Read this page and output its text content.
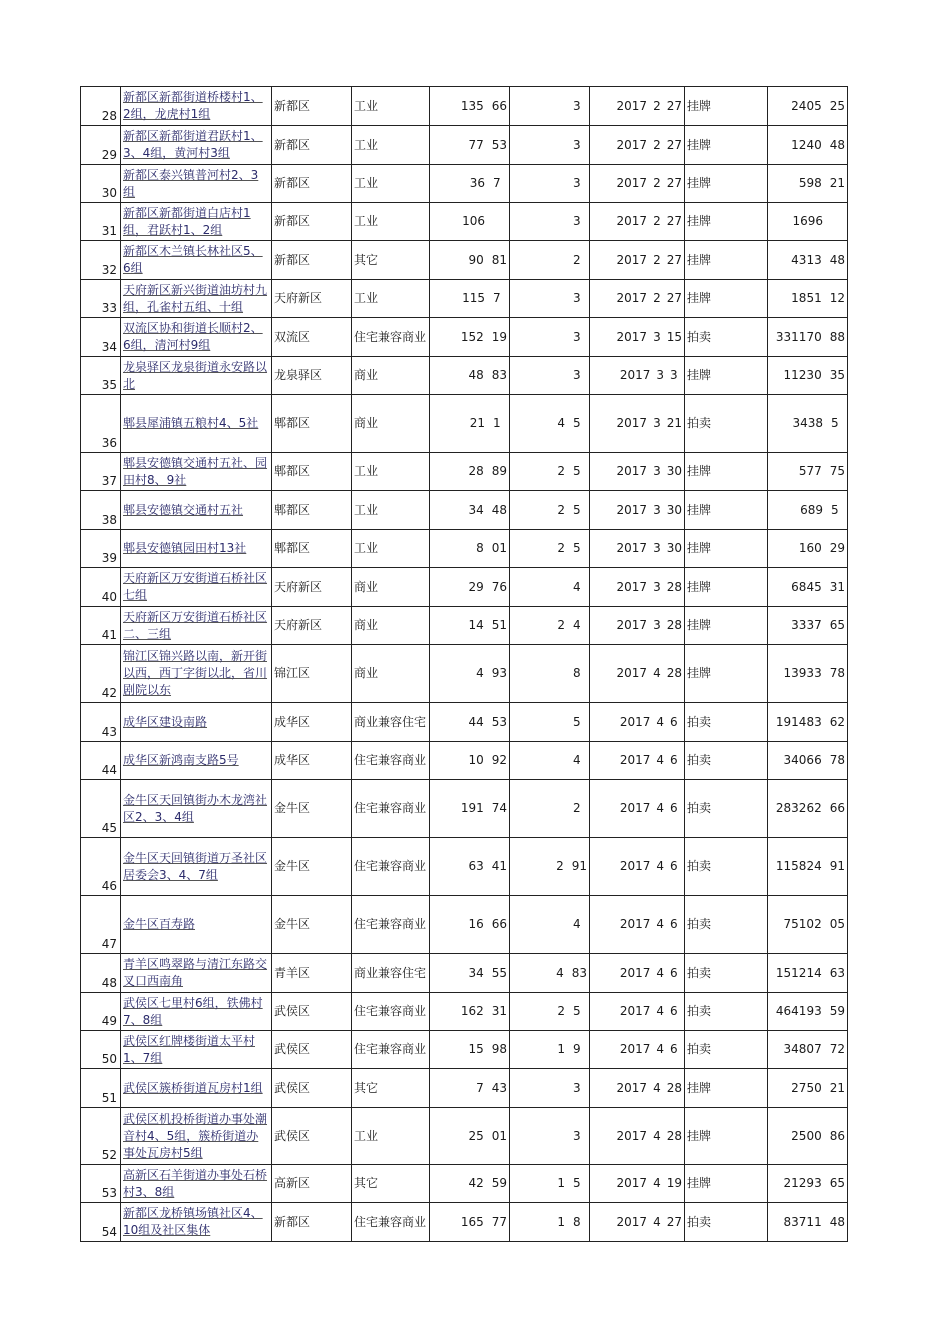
28	新都区新都街道桥楼村1、2组，龙虎村1组	新都区	工业	135 66	3	2017 2 27	挂牌	2405 25

29	新都区新都街道君跃村1、3、4组，黄河村3组	新都区	工业	77 53	3	2017 2 27	挂牌	1240 48

30	新都区泰兴镇普河村2、3组	新都区	工业	36 7	3	2017 2 27	挂牌	598 21

31	新都区新都街道白店村1组，君跃村1、2组	新都区	工业	106	3	2017 2 27	挂牌	1696

32	新都区木兰镇长林社区5、6组	新都区	其它	90 81	2	2017 2 27	挂牌	4313 48

33	天府新区新兴街道油坊村九组，孔雀村五组、十组	天府新区	工业	115 7	3	2017 2 27	挂牌	1851 12

34	双流区协和街道长顺村2、6组，清河村9组	双流区	住宅兼容商业	152 19	3	2017 3 15	拍卖	331170 88

35	龙泉驿区龙泉街道永安路以北	龙泉驿区	商业	48 83	3	2017 3 3	挂牌	11230 35

36	郫县犀浦镇五粮村4、5社	郫都区	商业	21 1	4 5	2017 3 21	拍卖	3438 5

37	郫县安德镇交通村五社、园田村8、9社	郫都区	工业	28 89	2 5	2017 3 30	挂牌	577 75

38	郫县安德镇交通村五社	郫都区	工业	34 48	2 5	2017 3 30	挂牌	689 5

39	郫县安德镇园田村13社	郫都区	工业	8 01	2 5	2017 3 30	挂牌	160 29

40	天府新区万安街道石桥社区七组	天府新区	商业	29 76	4	2017 3 28	挂牌	6845 31

41	天府新区万安街道石桥社区二、三组	天府新区	商业	14 51	2 4	2017 3 28	挂牌	3337 65

42	锦江区锦兴路以南，新开街以西，西丁字街以北，省川剧院以东	锦江区	商业	4 93	8	2017 4 28	挂牌	13933 78

43	成华区建设南路	成华区	商业兼容住宅	44 53	5	2017 4 6	拍卖	191483 62

44	成华区新鸿南支路5号	成华区	住宅兼容商业	10 92	4	2017 4 6	拍卖	34066 78

45	金牛区天回镇街办木龙湾社区2、3、4组	金牛区	住宅兼容商业	191 74	2	2017 4 6	拍卖	283262 66

46	金牛区天回镇街道万圣社区居委会3、4、7组	金牛区	住宅兼容商业	63 41	2 91	2017 4 6	拍卖	115824 91

47	金牛区百寿路	金牛区	住宅兼容商业	16 66	4	2017 4 6	拍卖	75102 05

48	青羊区鸣翠路与清江东路交叉口西南角	青羊区	商业兼容住宅	34 55	4 83	2017 4 6	拍卖	151214 63

49	武侯区七里村6组，铁佛村7、8组	武侯区	住宅兼容商业	162 31	2 5	2017 4 6	拍卖	464193 59

50	武侯区红牌楼街道太平村1、7组	武侯区	住宅兼容商业	15 98	1 9	2017 4 6	拍卖	34807 72

51	武侯区簇桥街道瓦房村1组	武侯区	其它	7 43	3	2017 4 28	挂牌	2750 21

52	武侯区机投桥街道办事处潮音村4、5组，簇桥街道办事处瓦房村5组	武侯区	工业	25 01	3	2017 4 28	挂牌	2500 86

53	高新区石羊街道办事处石桥村3、8组	高新区	其它	42 59	1 5	2017 4 19	挂牌	21293 65

54	新都区龙桥镇场镇社区4、10组及社区集体	新都区	住宅兼容商业	165 77	1 8	2017 4 27	拍卖	83711 48
